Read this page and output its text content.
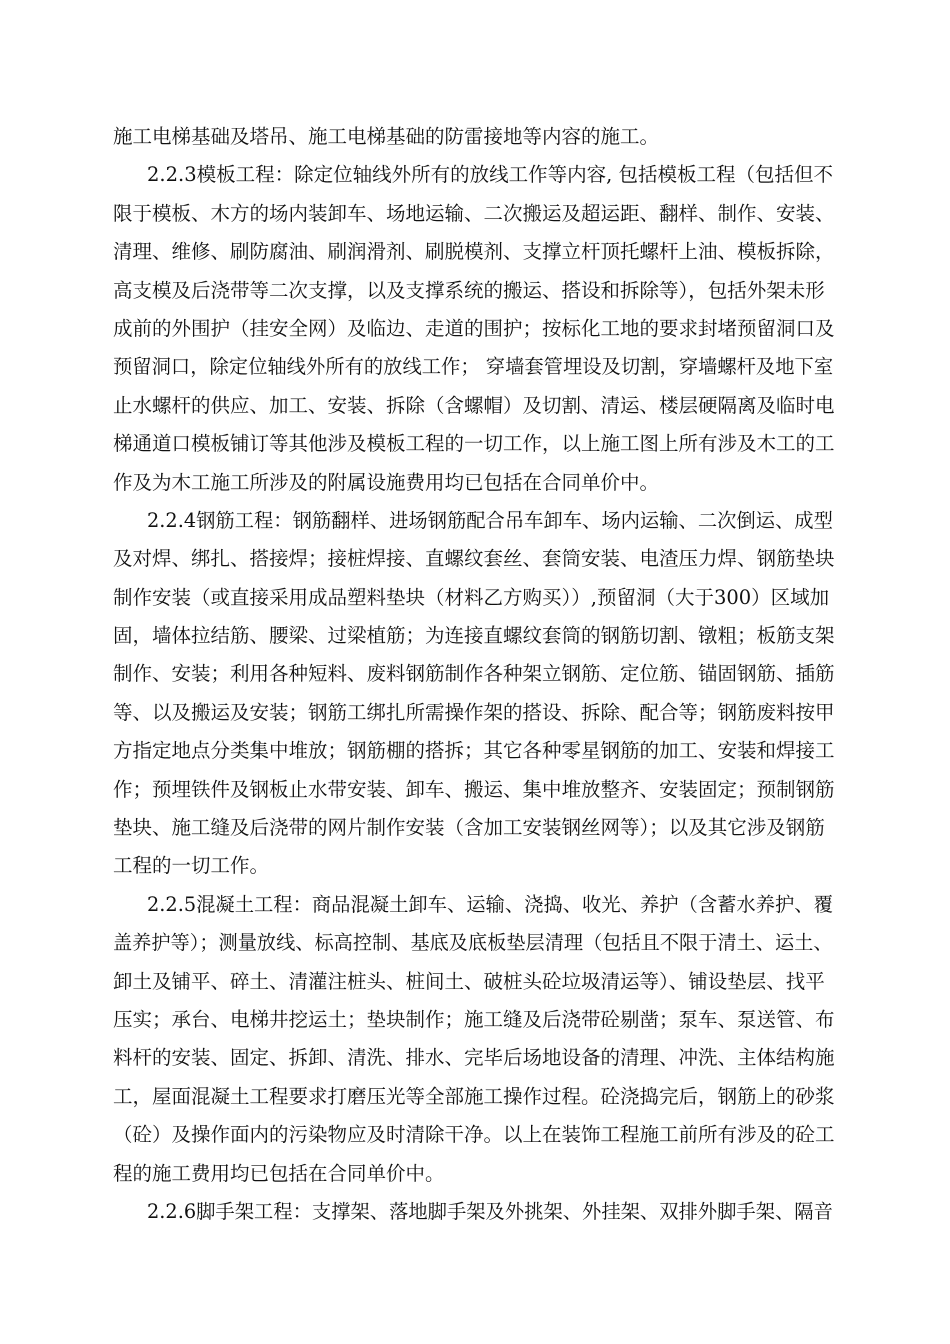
施工电梯基础及塔吊、施工电梯基础的防雷接地等内容的施工。
2.2.3模板工程：除定位轴线外所有的放线工作等内容, 包括模板工程（包括但不
限于模板、木方的场内装卸车、场地运输、二次搬运及超运距、翻样、制作、安装、
清理、维修、刷防腐油、刷润滑剂、刷脱模剂、支撑立杆顶托螺杆上油、模板拆除，
高支模及后浇带等二次支撑，以及支撑系统的搬运、搭设和拆除等），包括外架未形
成前的外围护（挂安全网）及临边、走道的围护；按标化工地的要求封堵预留洞口及
预留洞口，除定位轴线外所有的放线工作； 穿墙套管埋设及切割，穿墙螺杆及地下室
止水螺杆的供应、加工、安装、拆除（含螺帽）及切割、清运、楼层硬隔离及临时电
梯通道口模板铺订等其他涉及模板工程的一切工作，以上施工图上所有涉及木工的工
作及为木工施工所涉及的附属设施费用均已包括在合同单价中。
2.2.4钢筋工程：钢筋翻样、进场钢筋配合吊车卸车、场内运输、二次倒运、成型
及对焊、绑扎、搭接焊；接桩焊接、直螺纹套丝、套筒安装、电渣压力焊、钢筋垫块
制作安装（或直接采用成品塑料垫块（材料乙方购买））,预留洞（大于300）区域加
固，墙体拉结筋、腰梁、过梁植筋；为连接直螺纹套筒的钢筋切割、镦粗；板筋支架
制作、安装；利用各种短料、废料钢筋制作各种架立钢筋、定位筋、锚固钢筋、插筋
等、以及搬运及安装；钢筋工绑扎所需操作架的搭设、拆除、配合等；钢筋废料按甲
方指定地点分类集中堆放；钢筋棚的搭拆；其它各种零星钢筋的加工、安装和焊接工
作；预埋铁件及钢板止水带安装、卸车、搬运、集中堆放整齐、安装固定；预制钢筋
垫块、施工缝及后浇带的网片制作安装（含加工安装钢丝网等）；以及其它涉及钢筋
工程的一切工作。
2.2.5混凝土工程：商品混凝土卸车、运输、浇捣、收光、养护（含蓄水养护、覆
盖养护等）；测量放线、标高控制、基底及底板垫层清理（包括且不限于清土、运土、
卸土及铺平、碎土、清灌注桩头、桩间土、破桩头砼垃圾清运等）、铺设垫层、找平
压实；承台、电梯井挖运土；垫块制作；施工缝及后浇带砼剔凿；泵车、泵送管、布
料杆的安装、固定、拆卸、清洗、排水、完毕后场地设备的清理、冲洗、主体结构施
工，屋面混凝土工程要求打磨压光等全部施工操作过程。砼浇捣完后，钢筋上的砂浆
（砼）及操作面内的污染物应及时清除干净。以上在装饰工程施工前所有涉及的砼工
程的施工费用均已包括在合同单价中。
2.2.6脚手架工程：支撑架、落地脚手架及外挑架、外挂架、双排外脚手架、隔音
